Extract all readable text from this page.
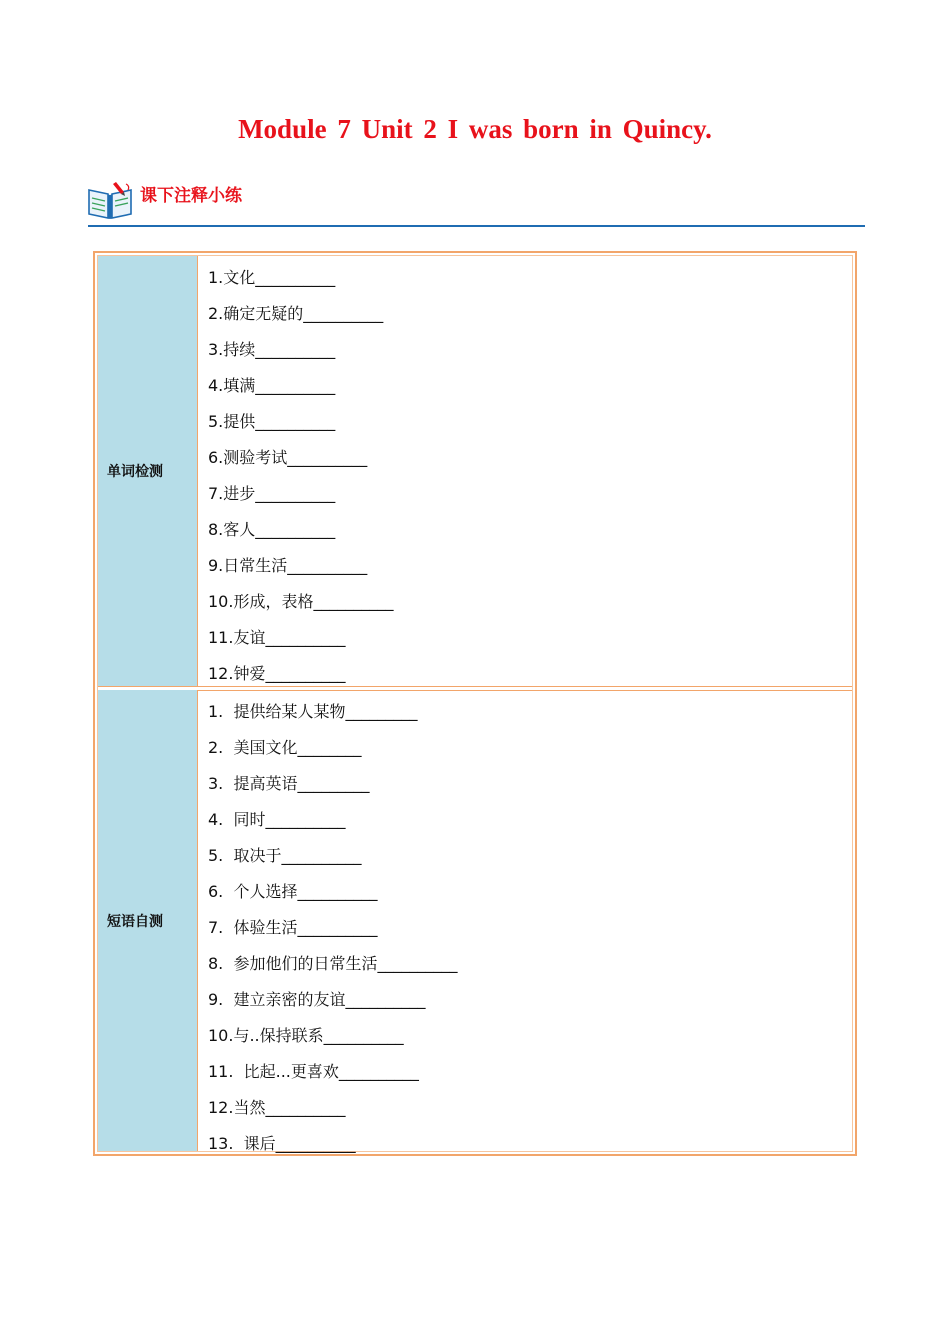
Module 7 Unit 2 I was born in Quincy.
课下注释小练
单词检测
1.文化__________
2.确定无疑的__________
3.持续__________
4.填满__________
5.提供__________
6.测验考试__________
7.进步__________
8.客人__________
9.日常生活__________
10.形成，表格__________
11.友谊__________
12.钟爱__________
短语自测
1.  提供给某人某物_________
2.  美国文化________
3.  提高英语_________
4.  同时__________
5.  取决于__________
6.  个人选择__________
7.  体验生活__________
8.  参加他们的日常生活__________
9.  建立亲密的友谊__________
10.与..保持联系__________
11.  比起...更喜欢__________
12.当然__________
13.  课后__________
